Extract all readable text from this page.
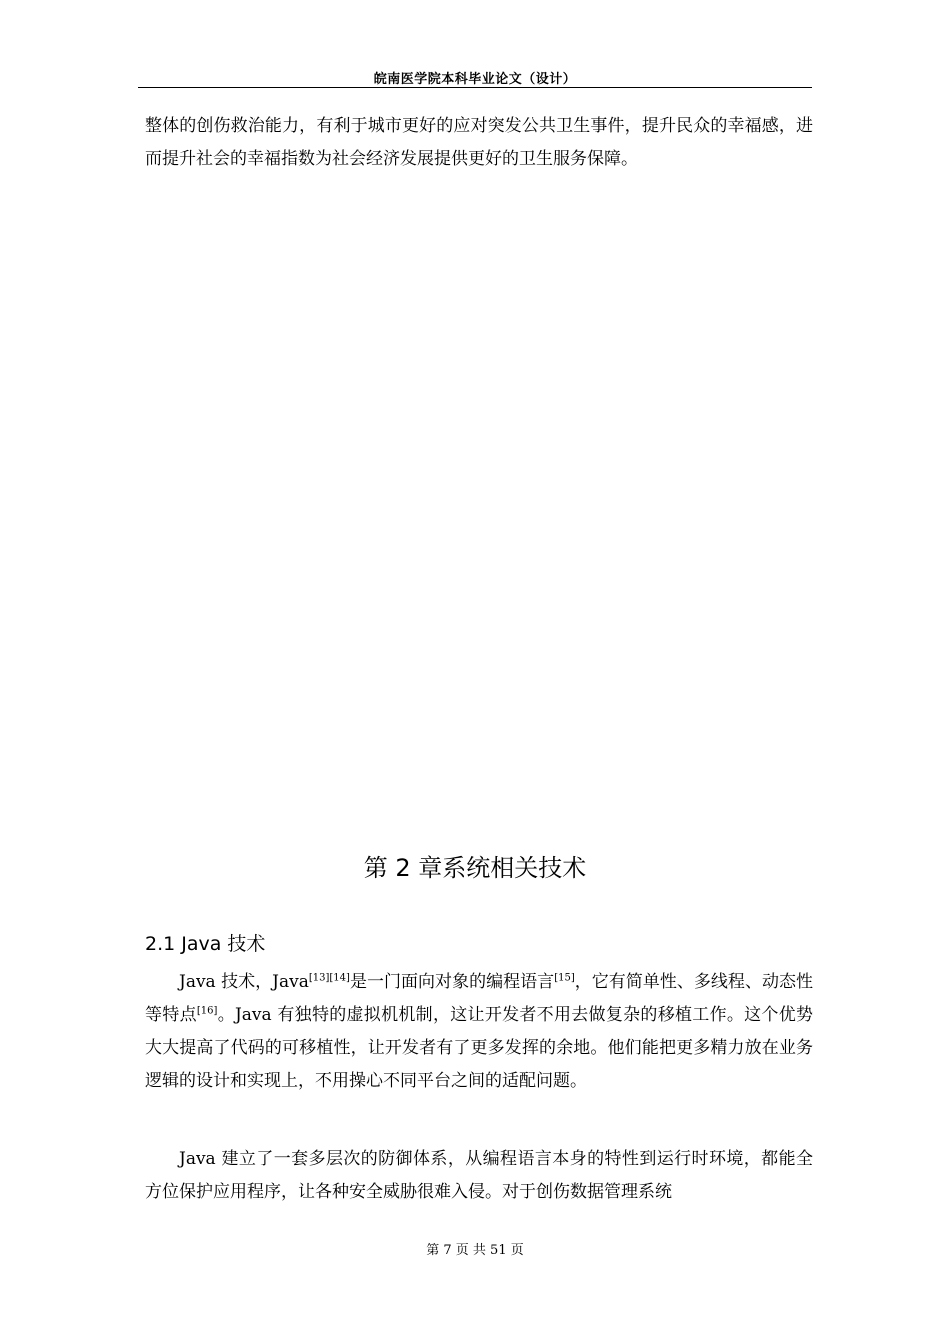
皖南医学院本科毕业论文（设计）

整体的创伤救治能力，有利于城市更好的应对突发公共卫生事件，提升民众的幸福感，进而提升社会的幸福指数为社会经济发展提供更好的卫生服务保障。

第 2 章系统相关技术
2.1 Java 技术

Java 技术，Java[13][14]是一门面向对象的编程语言[15]，它有简单性、多线程、动态性等特点[16]。Java 有独特的虚拟机机制，这让开发者不用去做复杂的移植工作。这个优势大大提高了代码的可移植性，让开发者有了更多发挥的余地。他们能把更多精力放在业务逻辑的设计和实现上，不用操心不同平台之间的适配问题。

Java 建立了一套多层次的防御体系，从编程语言本身的特性到运行时环境，都能全方位保护应用程序，让各种安全威胁很难入侵。对于创伤数据管理系统

第 7 页 共 51 页
